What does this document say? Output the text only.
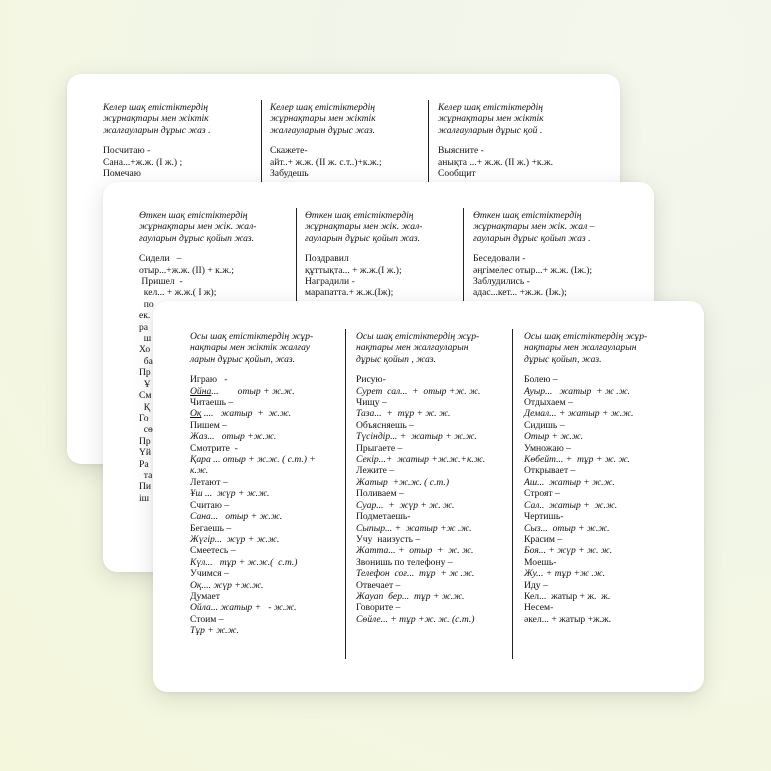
Келер шақ етістіктердің
жұрнақтары мен жіктік
жалғауларын дұрыс жаз .
Посчитаю -
Сана...+ж.ж. (I ж.) ;
Помечаю
Келер шақ етістіктердің
жұрнақтары мен жіктік
жалғауларын дұрыс жаз.
Скажете-
айт..+ ж.ж. (II ж. с.т..)+к.ж.;
Забудешь
Келер шақ етістіктердің
жұрнақтары мен жіктік
жалғауларын дұрыс қой .
Выясните -
анықта ...+ ж.ж. (II ж.) +к.ж.
Сообщит
Өткен шақ етістіктердің
жұрнақтары мен жік. жал-
ғауларын дұрыс қойып жаз.
Сидели   –
отыр...+ж.ж. (II) + к.ж.;
Пришел  -
кел... + ж.ж.( I ж);
по
ек.
ра
ш
Хо
ба
Пр
Ұ
См
Қ
Го
сө
Пр
Үй
Ра
та
Пи
іш
Өткен шақ етістіктердің
жұрнақтары мен жік. жал-
ғауларын дұрыс қойып жаз.
Поздравил
құттықта... + ж.ж.(I ж.);
Наградили -
марапатта.+ ж.ж.(Iж);
Өткен шақ етістіктердің
жұрнақтары мен жік. жал –
ғауларын дұрыс қойып жаз .
Беседовали -
әңгімелес отыр...+ ж.ж. (Iж.);
Заблудились -
адас...кет... +ж.ж. (Iж.);
Осы шақ етістіктердің жұр-
нақтары мен жіктік жалғау
ларын дұрыс қойып, жаз.
Играю   -
Ойна...        отыр + ж.ж.
Читаешь –
Оқ ....   жатыр  +  ж.ж.
Пишем –
Жаз...   отыр +ж.ж.
Смотрите  -
Қара ... отыр + ж.ж. ( с.т.) +
к.ж.
Летают –
Ұш ...  жүр + ж.ж.
Считаю –
Сана...   отыр + ж.ж.
Бегаешь –
Жүгір...  жүр + ж.ж.
Смеетесь –
Күл...   тұр + ж.ж.(  с.т.)
Учимся –
Оқ.... жүр +ж.ж.
Думает
Ойла... жатыр +   - ж.ж.
Стоим –
Тұр + ж.ж.
Осы шақ етістіктердің жұр-
нақтары мен жалғауларын
дұрыс қойып , жаз.
Рисую-
Сурет  сал...  +  отыр +ж. ж.
Чищу –
Таза...  +  тұр + ж. ж.
Объясняешь –
Түсіндір... +  жатыр + ж.ж.
Прыгаете –
Секір...+  жатыр +ж.ж.+к.ж.
Лежите –
Жатыр  +ж.ж. ( с.т.)
Поливаем –
Суар...  +  жүр + ж. ж.
Подметаешь-
Сыпыр... +  жатыр +ж .ж.
Учу  наизусть –
Жатта... +  отыр  +  ж. ж.
Звонишь по телефону –
Телефон  соғ...  тұр  + ж .ж.
Отвечает –
Жауап  бер...  тұр + ж.ж.
Говорите –
Сөйле... + тұр +ж. ж. (с.т.)
Осы шақ етістіктердің жұр-
нақтары мен жалғауларын
дұрыс қойып, жаз.
Болею –
Ауыр...   жатыр  + ж .ж.
Отдыхаем –
Демал... + жатыр + ж.ж.
Сидишь –
Отыр + ж.ж.
Умножаю –
Көбейт... +  тұр + ж. ж.
Открывает –
Аш...  жатыр + ж.ж.
Строят –
Сал..  жатыр +  ж.ж.
Чертишь-
Сыз...  отыр + ж.ж.
Красим –
Боя... + жүр + ж. ж.
Моешь-
Жу... + тұр +ж .ж.
Иду –
Кел...  жатыр + ж.  ж.
Несем-
әкел... + жатыр +ж.ж.
